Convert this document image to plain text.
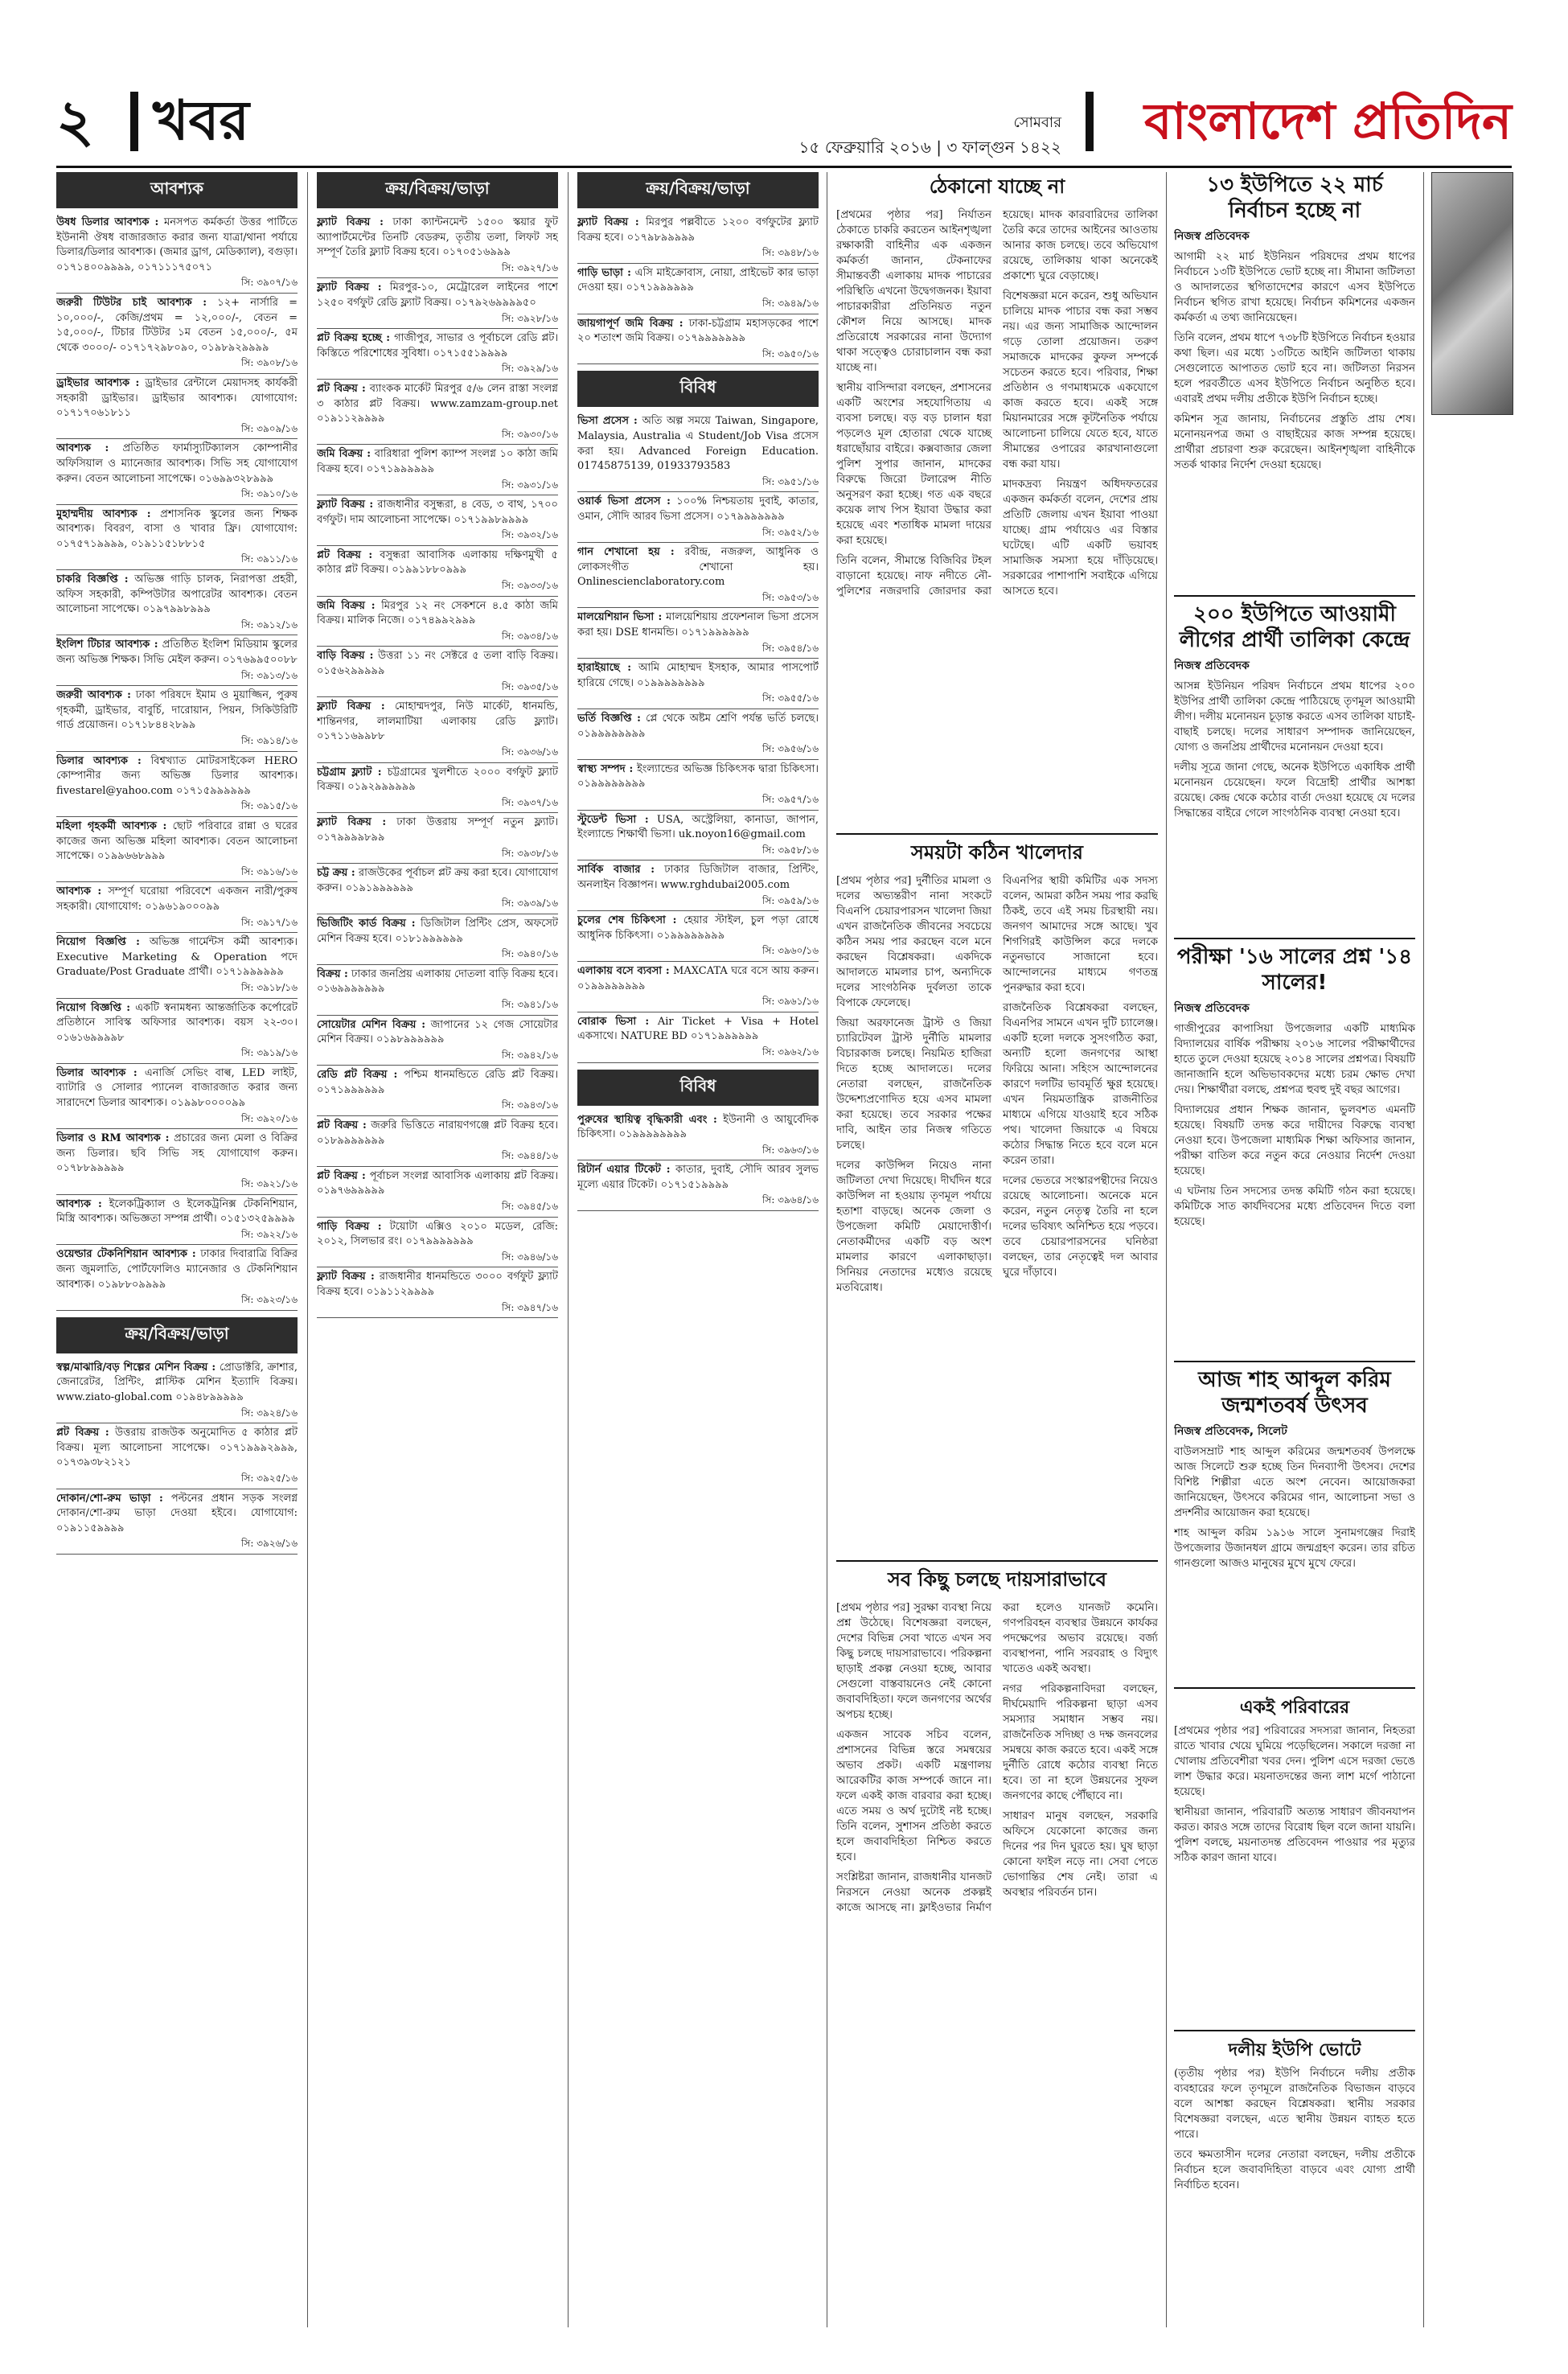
২ খবর	সোমবার
১৫ ফেব্রুয়ারি ২০১৬ | ৩ ফাল্গুন ১৪২২ বাংলাদেশ প্রতিদিন
আবশ্যক

উষধ ডিলার আবশ্যক : মনসপত কর্মকর্তা উত্তর পার্টিতে ইউনানী ঔষধ বাজারজাত করার জন্য যাত্রা/থানা পর্যায়ে ডিলার/ডিলার আবশ্যক। (জমার ড্রাগ, মেডিক্যাল), বগুড়া। ০১৭১৪০০৯৯৯৯, ০১৭১১১৭৫০৭১
সি: ৩৯০৭/১৬

জরুরী টিউটর চাই আবশ্যক : ১২+ নার্সারি = ১০,০০০/-, কেজি/প্রথম = ১২,০০০/-, বেতন = ১৫,০০০/-, টিচার টিউটর ১ম বেতন ১৫,০০০/-, ৫ম থেকে ৩০০০/- ০১৭১৭২৯৮০৯০, ০১৯৮৯২৯৯৯৯
সি: ৩৯০৮/১৬

ড্রাইভার আবশ্যক : ড্রাইভার রেন্টালে মেয়াদসহ কার্যকরী সহকারী ড্রাইভার। ড্রাইভার আবশ্যক। যোগাযোগ: ০১৭১৭০৬১৮১১
সি: ৩৯০৯/১৬

আবশ্যক : প্রতিষ্ঠিত ফার্মাস্যুটিক্যালস কোম্পানীর অফিসিয়াল ও ম্যানেজার আবশ্যক। সিভি সহ যোগাযোগ করুন। বেতন আলোচনা সাপেক্ষে। ০১৬৯৯৩২৮৯৯৯
সি: ৩৯১০/১৬

মুহাম্মদীয় আবশ্যক : প্রশাসনিক স্কুলের জন্য শিক্ষক আবশ্যক। বিবরণ, বাসা ও খাবার ফ্রি। যোগাযোগ: ০১৭৫৭১৯৯৯৯, ০১৯১১৫১৮৮১৫
সি: ৩৯১১/১৬

চাকরি বিজ্ঞপ্তি : অভিজ্ঞ গাড়ি চালক, নিরাপত্তা প্রহরী, অফিস সহকারী, কম্পিউটার অপারেটর আবশ্যক। বেতন আলোচনা সাপেক্ষে। ০১৯৭৯৯৮৯৯৯
সি: ৩৯১২/১৬

ইংলিশ টিচার আবশ্যক : প্রতিষ্ঠিত ইংলিশ মিডিয়াম স্কুলের জন্য অভিজ্ঞ শিক্ষক। সিভি মেইল করুন। ০১৭৬৯৯৫০০৮৮
সি: ৩৯১৩/১৬

জরুরী আবশ্যক : ঢাকা পরিষদে ইমাম ও মুয়াজ্জিন, পুরুষ গৃহকর্মী, ড্রাইভার, বাবুর্চি, দারোয়ান, পিয়ন, সিকিউরিটি গার্ড প্রয়োজন। ০১৭১৮৪৪২৮৯৯
সি: ৩৯১৪/১৬

ডিলার আবশ্যক : বিশ্বখ্যাত মোটরসাইকেল HERO কোম্পানীর জন্য অভিজ্ঞ ডিলার আবশ্যক। fivestarel@yahoo.com ০১৭১৫৯৯৯৯৯৯
সি: ৩৯১৫/১৬

মহিলা গৃহকর্মী আবশ্যক : ছোট পরিবারে রান্না ও ঘরের কাজের জন্য অভিজ্ঞ মহিলা আবশ্যক। বেতন আলোচনা সাপেক্ষে। ০১৯৯৬৬৮৯৯৯
সি: ৩৯১৬/১৬

আবশ্যক : সম্পূর্ণ ঘরোয়া পরিবেশে একজন নারী/পুরুষ সহকারী। যোগাযোগ: ০১৯৬১৯০০০৯৯
সি: ৩৯১৭/১৬

নিয়োগ বিজ্ঞপ্তি : অভিজ্ঞ গার্মেন্টস কর্মী আবশ্যক। Executive Marketing & Operation পদে Graduate/Post Graduate প্রার্থী। ০১৭১৯৯৯৯৯৯
সি: ৩৯১৮/১৬

নিয়োগ বিজ্ঞপ্তি : একটি স্বনামধন্য আন্তর্জাতিক কর্পোরেট প্রতিষ্ঠানে সাবিস্ক অফিসার আবশ্যক। বয়স ২২-৩০। ০১৬১৬৯৯৯৯৮
সি: ৩৯১৯/১৬

ডিলার আবশ্যক : এনার্জি সেভিং বাল্ব, LED লাইট, ব্যাটারি ও সোলার প্যানেল বাজারজাত করার জন্য সারাদেশে ডিলার আবশ্যক। ০১৯৯৮০০০০৯৯
সি: ৩৯২০/১৬

ডিলার ও RM আবশ্যক : প্রচারের জন্য মেলা ও বিক্রির জন্য ডিলার। ছবি সিভি সহ যোগাযোগ করুন। ০১৭৮৮৯৯৯৯৯
সি: ৩৯২১/১৬

আবশ্যক : ইলেকট্রিক্যাল ও ইলেকট্রনিক্স টেকনিশিয়ান, মিস্ত্রি আবশ্যক। অভিজ্ঞতা সম্পন্ন প্রার্থী। ০১৫১৩২৫৯৯৯৯
সি: ৩৯২২/১৬

ওয়েল্ডার টেকনিশিয়ান আবশ্যক : ঢাকার দিবারাত্রি বিক্রির জন্য জুমলাতি, পোর্টফোলিও ম্যানেজার ও টেকনিশিয়ান আবশ্যক। ০১৯৮৮০৯৯৯৯
সি: ৩৯২৩/১৬

ক্রয়/বিক্রয়/ভাড়া

স্বল্প/মাঝারি/বড় শিল্পের মেশিন বিক্রয় : প্রোডাক্টরি, ক্রাশার, জেনারেটর, প্রিন্টিং, প্লাস্টিক মেশিন ইত্যাদি বিক্রয়। www.ziato-global.com ০১৯৪৮৯৯৯৯৯
সি: ৩৯২৪/১৬

প্লট বিক্রয় : উত্তরায় রাজউক অনুমোদিত ৫ কাঠার প্লট বিক্রয়। মূল্য আলোচনা সাপেক্ষে। ০১৭১৯৯৯২৯৯৯, ০১৭৩৯৩৮২১২১
সি: ৩৯২৫/১৬

দোকান/শো-রুম ভাড়া : পল্টনের প্রধান সড়ক সংলগ্ন দোকান/শো-রুম ভাড়া দেওয়া হইবে। যোগাযোগ: ০১৯১১৫৯৯৯৯
সি: ৩৯২৬/১৬

ক্রয়/বিক্রয়/ভাড়া

ফ্ল্যাট বিক্রয় : ঢাকা ক্যান্টনমেন্ট ১৫০০ স্কয়ার ফুট অ্যাপার্টমেন্টের তিনটি বেডরুম, তৃতীয় তলা, লিফট সহ সম্পূর্ণ তৈরি ফ্ল্যাট বিক্রয় হবে। ০১৭০৫১৬৯৯৯
সি: ৩৯২৭/১৬

ফ্ল্যাট বিক্রয় : মিরপুর-১০, মেট্রোরেল লাইনের পাশে ১২৫০ বর্গফুট রেডি ফ্ল্যাট বিক্রয়। ০১৭৯২৬৯৯৯৯৫০
সি: ৩৯২৮/১৬

প্লট বিক্রয় হচ্ছে : গাজীপুর, সাভার ও পূর্বাচলে রেডি প্লট। কিস্তিতে পরিশোধের সুবিধা। ০১৭১৫৫১৯৯৯৯
সি: ৩৯২৯/১৬

প্লট বিক্রয় : ব্যাংকক মার্কেট মিরপুর ৫/৬ লেন রাস্তা সংলগ্ন ৩ কাঠার প্লট বিক্রয়। www.zamzam-group.net ০১৯১১২৯৯৯৯
সি: ৩৯৩০/১৬

জমি বিক্রয় : বারিধারা পুলিশ ক্যাম্প সংলগ্ন ১০ কাঠা জমি বিক্রয় হবে। ০১৭১৯৯৯৯৯৯
সি: ৩৯৩১/১৬

ফ্ল্যাট বিক্রয় : রাজধানীর বসুন্ধরা, ৪ বেড, ৩ বাথ, ১৭০০ বর্গফুট। দাম আলোচনা সাপেক্ষে। ০১৭১৯৯৮৯৯৯৯
সি: ৩৯৩২/১৬

প্লট বিক্রয় : বসুন্ধরা আবাসিক এলাকায় দক্ষিণমুখী ৫ কাঠার প্লট বিক্রয়। ০১৯৯১৮৮০৯৯৯
সি: ৩৯৩৩/১৬

জমি বিক্রয় : মিরপুর ১২ নং সেকশনে ৪.৫ কাঠা জমি বিক্রয়। মালিক নিজে। ০১৭৪৯৯২৯৯৯
সি: ৩৯৩৪/১৬

বাড়ি বিক্রয় : উত্তরা ১১ নং সেক্টরে ৫ তলা বাড়ি বিক্রয়। ০১৫৬২৯৯৯৯৯
সি: ৩৯৩৫/১৬

ফ্ল্যাট বিক্রয় : মোহাম্মদপুর, নিউ মার্কেট, ধানমন্ডি, শান্তিনগর, লালমাটিয়া এলাকায় রেডি ফ্ল্যাট। ০১৭১১৬৯৯৮৮
সি: ৩৯৩৬/১৬

চট্টগ্রাম ফ্ল্যাট : চট্টগ্রামের খুলশীতে ২০০০ বর্গফুট ফ্ল্যাট বিক্রয়। ০১৯২৯৯৯৯৯৯
সি: ৩৯৩৭/১৬

ফ্ল্যাট বিক্রয় : ঢাকা উত্তরায় সম্পূর্ণ নতুন ফ্ল্যাট। ০১৭৯৯৯৯৮৯৯
সি: ৩৯৩৮/১৬

চট্ট ক্রয় : রাজউকের পূর্বাচল প্লট ক্রয় করা হবে। যোগাযোগ করুন। ০১৯১৯৯৯৯৯৯
সি: ৩৯৩৯/১৬

ভিজিটিং কার্ড বিক্রয় : ডিজিটাল প্রিন্টিং প্রেস, অফসেট মেশিন বিক্রয় হবে। ০১৮১৯৯৯৯৯৯
সি: ৩৯৪০/১৬

বিক্রয় : ঢাকার জনপ্রিয় এলাকায় দোতলা বাড়ি বিক্রয় হবে। ০১৬৯৯৯৯৯৯৯
সি: ৩৯৪১/১৬

সোয়েটার মেশিন বিক্রয় : জাপানের ১২ গেজ সোয়েটার মেশিন বিক্রয়। ০১৯৮৯৯৯৯৯৯
সি: ৩৯৪২/১৬

রেডি প্লট বিক্রয় : পশ্চিম ধানমন্ডিতে রেডি প্লট বিক্রয়। ০১৭১৯৯৯৯৯৯
সি: ৩৯৪৩/১৬

প্লট বিক্রয় : জরুরি ভিত্তিতে নারায়ণগঞ্জে প্লট বিক্রয় হবে। ০১৮৯৯৯৯৯৯৯
সি: ৩৯৪৪/১৬

প্লট বিক্রয় : পূর্বাচল সংলগ্ন আবাসিক এলাকায় প্লট বিক্রয়। ০১৯৭৬৯৯৯৯৯
সি: ৩৯৪৫/১৬

গাড়ি বিক্রয় : টয়োটা এক্সিও ২০১০ মডেল, রেজি: ২০১২, সিলভার রং। ০১৭৯৯৯৯৯৯৯
সি: ৩৯৪৬/১৬

ফ্ল্যাট বিক্রয় : রাজধানীর ধানমন্ডিতে ৩০০০ বর্গফুট ফ্ল্যাট বিক্রয় হবে। ০১৯১১২৯৯৯৯
সি: ৩৯৪৭/১৬

ক্রয়/বিক্রয়/ভাড়া

ফ্ল্যাট বিক্রয় : মিরপুর পল্লবীতে ১২০০ বর্গফুটের ফ্ল্যাট বিক্রয় হবে। ০১৭৯৮৯৯৯৯৯
সি: ৩৯৪৮/১৬

গাড়ি ভাড়া : এসি মাইক্রোবাস, নোয়া, প্রাইভেট কার ভাড়া দেওয়া হয়। ০১৭১৯৯৯৯৯৯
সি: ৩৯৪৯/১৬

জায়গাপূর্ণ জমি বিক্রয় : ঢাকা-চট্টগ্রাম মহাসড়কের পাশে ২০ শতাংশ জমি বিক্রয়। ০১৭৯৯৯৯৯৯৯
সি: ৩৯৫০/১৬

বিবিধ

ভিসা প্রসেস : অতি অল্প সময়ে Taiwan, Singapore, Malaysia, Australia এ Student/Job Visa প্রসেস করা হয়। Advanced Foreign Education. 01745875139, 01933793583
সি: ৩৯৫১/১৬

ওয়ার্ক ভিসা প্রসেস : ১০০% নিশ্চয়তায় দুবাই, কাতার, ওমান, সৌদি আরব ভিসা প্রসেস। ০১৭৯৯৯৯৯৯৯
সি: ৩৯৫২/১৬

গান শেখানো হয় : রবীন্দ্র, নজরুল, আধুনিক ও লোকসংগীত শেখানো হয়। Onlinescienclaboratory.com
সি: ৩৯৫৩/১৬

মালয়েশিয়ান ভিসা : মালয়েশিয়ায় প্রফেশনাল ভিসা প্রসেস করা হয়। DSE ধানমন্ডি। ০১৭১৯৯৯৯৯৯
সি: ৩৯৫৪/১৬

হারাইয়াছে : আমি মোহাম্মদ ইসহাক, আমার পাসপোর্ট হারিয়ে গেছে। ০১৯৯৯৯৯৯৯৯
সি: ৩৯৫৫/১৬

ভর্তি বিজ্ঞপ্তি : প্লে থেকে অষ্টম শ্রেণি পর্যন্ত ভর্তি চলছে। ০১৯৯৯৯৯৯৯৯
সি: ৩৯৫৬/১৬

স্বাস্থ্য সম্পদ : ইংল্যান্ডের অভিজ্ঞ চিকিৎসক দ্বারা চিকিৎসা। ০১৯৯৯৯৯৯৯৯
সি: ৩৯৫৭/১৬

স্টুডেন্ট ভিসা : USA, অস্ট্রেলিয়া, কানাডা, জাপান, ইংল্যান্ডে শিক্ষার্থী ভিসা। uk.noyon16@gmail.com
সি: ৩৯৫৮/১৬

সার্বিক বাজার : ঢাকার ডিজিটাল বাজার, প্রিন্টিং, অনলাইন বিজ্ঞাপন। www.rghdubai2005.com
সি: ৩৯৫৯/১৬

চুলের শেষ চিকিৎসা : হেয়ার স্টাইল, চুল পড়া রোধে আধুনিক চিকিৎসা। ০১৯৯৯৯৯৯৯৯
সি: ৩৯৬০/১৬

এলাকায় বসে ব্যবসা : MAXCATA ঘরে বসে আয় করুন। ০১৯৯৯৯৯৯৯৯
সি: ৩৯৬১/১৬

বোরাক ভিসা : Air Ticket + Visa + Hotel একসাথে। NATURE BD ০১৭১৯৯৯৯৯৯
সি: ৩৯৬২/১৬

বিবিধ

পুরুষের স্থায়িত্ব বৃদ্ধিকারী এবং : ইউনানী ও আয়ুর্বেদিক চিকিৎসা। ০১৯৯৯৯৯৯৯৯
সি: ৩৯৬৩/১৬

রিটার্ন এয়ার টিকেট : কাতার, দুবাই, সৌদি আরব সুলভ মূল্যে এয়ার টিকেট। ০১৭১৫১৯৯৯৯
সি: ৩৯৬৪/১৬

ঠেকানো যাচ্ছে না

[প্রথমের পৃষ্ঠার পর] নির্যাতন ঠেকাতে চাকরি করতেন আইনশৃঙ্খলা রক্ষাকারী বাহিনীর এক একজন কর্মকর্তা জানান, টেকনাফের সীমান্তবর্তী এলাকায় মাদক পাচারের পরিস্থিতি এখনো উদ্বেগজনক। ইয়াবা পাচারকারীরা প্রতিনিয়ত নতুন কৌশল নিয়ে আসছে। মাদক প্রতিরোধে সরকারের নানা উদ্যোগ থাকা সত্ত্বেও চোরাচালান বন্ধ করা যাচ্ছে না।

স্থানীয় বাসিন্দারা বলছেন, প্রশাসনের একটি অংশের সহযোগিতায় এ ব্যবসা চলছে। বড় বড় চালান ধরা পড়লেও মূল হোতারা থেকে যাচ্ছে ধরাছোঁয়ার বাইরে। কক্সবাজার জেলা পুলিশ সুপার জানান, মাদকের বিরুদ্ধে জিরো টলারেন্স নীতি অনুসরণ করা হচ্ছে। গত এক বছরে কয়েক লাখ পিস ইয়াবা উদ্ধার করা হয়েছে এবং শতাধিক মামলা দায়ের করা হয়েছে।

তিনি বলেন, সীমান্তে বিজিবির টহল বাড়ানো হয়েছে। নাফ নদীতে নৌ-পুলিশের নজরদারি জোরদার করা হয়েছে। মাদক কারবারিদের তালিকা তৈরি করে তাদের আইনের আওতায় আনার কাজ চলছে। তবে অভিযোগ রয়েছে, তালিকায় থাকা অনেকেই প্রকাশ্যে ঘুরে বেড়াচ্ছে।

বিশেষজ্ঞরা মনে করেন, শুধু অভিযান চালিয়ে মাদক পাচার বন্ধ করা সম্ভব নয়। এর জন্য সামাজিক আন্দোলন গড়ে তোলা প্রয়োজন। তরুণ সমাজকে মাদকের কুফল সম্পর্কে সচেতন করতে হবে। পরিবার, শিক্ষা প্রতিষ্ঠান ও গণমাধ্যমকে একযোগে কাজ করতে হবে। একই সঙ্গে মিয়ানমারের সঙ্গে কূটনৈতিক পর্যায়ে আলোচনা চালিয়ে যেতে হবে, যাতে সীমান্তের ওপারের কারখানাগুলো বন্ধ করা যায়।

মাদকদ্রব্য নিয়ন্ত্রণ অধিদফতরের একজন কর্মকর্তা বলেন, দেশের প্রায় প্রতিটি জেলায় এখন ইয়াবা পাওয়া যাচ্ছে। গ্রাম পর্যায়েও এর বিস্তার ঘটেছে। এটি একটি ভয়াবহ সামাজিক সমস্যা হয়ে দাঁড়িয়েছে। সরকারের পাশাপাশি সবাইকে এগিয়ে আসতে হবে।

সময়টা কঠিন খালেদার

[প্রথম পৃষ্ঠার পর] দুর্নীতির মামলা ও দলের অভ্যন্তরীণ নানা সংকটে বিএনপি চেয়ারপারসন খালেদা জিয়া এখন রাজনৈতিক জীবনের সবচেয়ে কঠিন সময় পার করছেন বলে মনে করছেন বিশ্লেষকরা। একদিকে আদালতে মামলার চাপ, অন্যদিকে দলের সাংগঠনিক দুর্বলতা তাকে বিপাকে ফেলেছে।

জিয়া অরফানেজ ট্রাস্ট ও জিয়া চ্যারিটেবল ট্রাস্ট দুর্নীতি মামলার বিচারকাজ চলছে। নিয়মিত হাজিরা দিতে হচ্ছে আদালতে। দলের নেতারা বলছেন, রাজনৈতিক উদ্দেশ্যপ্রণোদিত হয়ে এসব মামলা করা হয়েছে। তবে সরকার পক্ষের দাবি, আইন তার নিজস্ব গতিতে চলছে।

দলের কাউন্সিল নিয়েও নানা জটিলতা দেখা দিয়েছে। দীর্ঘদিন ধরে কাউন্সিল না হওয়ায় তৃণমূল পর্যায়ে হতাশা বাড়ছে। অনেক জেলা ও উপজেলা কমিটি মেয়াদোত্তীর্ণ। নেতাকর্মীদের একটি বড় অংশ মামলার কারণে এলাকাছাড়া। সিনিয়র নেতাদের মধ্যেও রয়েছে মতবিরোধ।

বিএনপির স্থায়ী কমিটির এক সদস্য বলেন, আমরা কঠিন সময় পার করছি ঠিকই, তবে এই সময় চিরস্থায়ী নয়। জনগণ আমাদের সঙ্গে আছে। খুব শিগগিরই কাউন্সিল করে দলকে নতুনভাবে সাজানো হবে। আন্দোলনের মাধ্যমে গণতন্ত্র পুনরুদ্ধার করা হবে।

রাজনৈতিক বিশ্লেষকরা বলছেন, বিএনপির সামনে এখন দুটি চ্যালেঞ্জ। একটি হলো দলকে সুসংগঠিত করা, অন্যটি হলো জনগণের আস্থা ফিরিয়ে আনা। সহিংস আন্দোলনের কারণে দলটির ভাবমূর্তি ক্ষুণ্ণ হয়েছে। এখন নিয়মতান্ত্রিক রাজনীতির মাধ্যমে এগিয়ে যাওয়াই হবে সঠিক পথ। খালেদা জিয়াকে এ বিষয়ে কঠোর সিদ্ধান্ত নিতে হবে বলে মনে করেন তারা।

দলের ভেতরে সংস্কারপন্থীদের নিয়েও রয়েছে আলোচনা। অনেকে মনে করেন, নতুন নেতৃত্ব তৈরি না হলে দলের ভবিষ্যৎ অনিশ্চিত হয়ে পড়বে। তবে চেয়ারপারসনের ঘনিষ্ঠরা বলছেন, তার নেতৃত্বেই দল আবার ঘুরে দাঁড়াবে।

সব কিছু চলছে দায়সারাভাবে

[প্রথম পৃষ্ঠার পর] সুরক্ষা ব্যবস্থা নিয়ে প্রশ্ন উঠেছে। বিশেষজ্ঞরা বলছেন, দেশের বিভিন্ন সেবা খাতে এখন সব কিছু চলছে দায়সারাভাবে। পরিকল্পনা ছাড়াই প্রকল্প নেওয়া হচ্ছে, আবার সেগুলো বাস্তবায়নেও নেই কোনো জবাবদিহিতা। ফলে জনগণের অর্থের অপচয় হচ্ছে।

একজন সাবেক সচিব বলেন, প্রশাসনের বিভিন্ন স্তরে সমন্বয়ের অভাব প্রকট। একটি মন্ত্রণালয় আরেকটির কাজ সম্পর্কে জানে না। ফলে একই কাজ বারবার করা হচ্ছে। এতে সময় ও অর্থ দুটোই নষ্ট হচ্ছে। তিনি বলেন, সুশাসন প্রতিষ্ঠা করতে হলে জবাবদিহিতা নিশ্চিত করতে হবে।

সংশ্লিষ্টরা জানান, রাজধানীর যানজট নিরসনে নেওয়া অনেক প্রকল্পই কাজে আসছে না। ফ্লাইওভার নির্মাণ করা হলেও যানজট কমেনি। গণপরিবহন ব্যবস্থার উন্নয়নে কার্যকর পদক্ষেপের অভাব রয়েছে। বর্জ্য ব্যবস্থাপনা, পানি সরবরাহ ও বিদ্যুৎ খাতেও একই অবস্থা।

নগর পরিকল্পনাবিদরা বলছেন, দীর্ঘমেয়াদি পরিকল্পনা ছাড়া এসব সমস্যার সমাধান সম্ভব নয়। রাজনৈতিক সদিচ্ছা ও দক্ষ জনবলের সমন্বয়ে কাজ করতে হবে। একই সঙ্গে দুর্নীতি রোধে কঠোর ব্যবস্থা নিতে হবে। তা না হলে উন্নয়নের সুফল জনগণের কাছে পৌঁছাবে না।

সাধারণ মানুষ বলছেন, সরকারি অফিসে যেকোনো কাজের জন্য দিনের পর দিন ঘুরতে হয়। ঘুষ ছাড়া কোনো ফাইল নড়ে না। সেবা পেতে ভোগান্তির শেষ নেই। তারা এ অবস্থার পরিবর্তন চান।

১৩ ইউপিতে ২২ মার্চ নির্বাচন হচ্ছে না
নিজস্ব প্রতিবেদক

আগামী ২২ মার্চ ইউনিয়ন পরিষদের প্রথম ধাপের নির্বাচনে ১৩টি ইউপিতে ভোট হচ্ছে না। সীমানা জটিলতা ও আদালতের স্থগিতাদেশের কারণে এসব ইউপিতে নির্বাচন স্থগিত রাখা হয়েছে। নির্বাচন কমিশনের একজন কর্মকর্তা এ তথ্য জানিয়েছেন।

তিনি বলেন, প্রথম ধাপে ৭৩৮টি ইউপিতে নির্বাচন হওয়ার কথা ছিল। এর মধ্যে ১৩টিতে আইনি জটিলতা থাকায় সেগুলোতে আপাতত ভোট হবে না। জটিলতা নিরসন হলে পরবর্তীতে এসব ইউপিতে নির্বাচন অনুষ্ঠিত হবে। এবারই প্রথম দলীয় প্রতীকে ইউপি নির্বাচন হচ্ছে।

কমিশন সূত্র জানায়, নির্বাচনের প্রস্তুতি প্রায় শেষ। মনোনয়নপত্র জমা ও বাছাইয়ের কাজ সম্পন্ন হয়েছে। প্রার্থীরা প্রচারণা শুরু করেছেন। আইনশৃঙ্খলা বাহিনীকে সতর্ক থাকার নির্দেশ দেওয়া হয়েছে।

২০০ ইউপিতে আওয়ামী লীগের প্রার্থী তালিকা কেন্দ্রে
নিজস্ব প্রতিবেদক

আসন্ন ইউনিয়ন পরিষদ নির্বাচনে প্রথম ধাপের ২০০ ইউপির প্রার্থী তালিকা কেন্দ্রে পাঠিয়েছে তৃণমূল আওয়ামী লীগ। দলীয় মনোনয়ন চূড়ান্ত করতে এসব তালিকা যাচাই-বাছাই চলছে। দলের সাধারণ সম্পাদক জানিয়েছেন, যোগ্য ও জনপ্রিয় প্রার্থীদের মনোনয়ন দেওয়া হবে।

দলীয় সূত্রে জানা গেছে, অনেক ইউপিতে একাধিক প্রার্থী মনোনয়ন চেয়েছেন। ফলে বিদ্রোহী প্রার্থীর আশঙ্কা রয়েছে। কেন্দ্র থেকে কঠোর বার্তা দেওয়া হয়েছে যে দলের সিদ্ধান্তের বাইরে গেলে সাংগঠনিক ব্যবস্থা নেওয়া হবে।

পরীক্ষা '১৬ সালের প্রশ্ন '১৪ সালের!
নিজস্ব প্রতিবেদক

গাজীপুরের কাপাসিয়া উপজেলার একটি মাধ্যমিক বিদ্যালয়ের বার্ষিক পরীক্ষায় ২০১৬ সালের পরীক্ষার্থীদের হাতে তুলে দেওয়া হয়েছে ২০১৪ সালের প্রশ্নপত্র। বিষয়টি জানাজানি হলে অভিভাবকদের মধ্যে চরম ক্ষোভ দেখা দেয়। শিক্ষার্থীরা বলছে, প্রশ্নপত্র হুবহু দুই বছর আগের।

বিদ্যালয়ের প্রধান শিক্ষক জানান, ভুলবশত এমনটি হয়েছে। বিষয়টি তদন্ত করে দায়ীদের বিরুদ্ধে ব্যবস্থা নেওয়া হবে। উপজেলা মাধ্যমিক শিক্ষা অফিসার জানান, পরীক্ষা বাতিল করে নতুন করে নেওয়ার নির্দেশ দেওয়া হয়েছে।

এ ঘটনায় তিন সদস্যের তদন্ত কমিটি গঠন করা হয়েছে। কমিটিকে সাত কার্যদিবসের মধ্যে প্রতিবেদন দিতে বলা হয়েছে।

আজ শাহ আব্দুল করিম জন্মশতবর্ষ উৎসব
নিজস্ব প্রতিবেদক, সিলেট

বাউলসম্রাট শাহ আব্দুল করিমের জন্মশতবর্ষ উপলক্ষে আজ সিলেটে শুরু হচ্ছে তিন দিনব্যাপী উৎসব। দেশের বিশিষ্ট শিল্পীরা এতে অংশ নেবেন। আয়োজকরা জানিয়েছেন, উৎসবে করিমের গান, আলোচনা সভা ও প্রদর্শনীর আয়োজন করা হয়েছে।

শাহ আব্দুল করিম ১৯১৬ সালে সুনামগঞ্জের দিরাই উপজেলার উজানধল গ্রামে জন্মগ্রহণ করেন। তার রচিত গানগুলো আজও মানুষের মুখে মুখে ফেরে।

একই পরিবারের

[প্রথমের পৃষ্ঠার পর] পরিবারের সদস্যরা জানান, নিহতরা রাতে খাবার খেয়ে ঘুমিয়ে পড়েছিলেন। সকালে দরজা না খোলায় প্রতিবেশীরা খবর দেন। পুলিশ এসে দরজা ভেঙে লাশ উদ্ধার করে। ময়নাতদন্তের জন্য লাশ মর্গে পাঠানো হয়েছে।

স্থানীয়রা জানান, পরিবারটি অত্যন্ত সাধারণ জীবনযাপন করত। কারও সঙ্গে তাদের বিরোধ ছিল বলে জানা যায়নি। পুলিশ বলছে, ময়নাতদন্ত প্রতিবেদন পাওয়ার পর মৃত্যুর সঠিক কারণ জানা যাবে।

দলীয় ইউপি ভোটে

(তৃতীয় পৃষ্ঠার পর) ইউপি নির্বাচনে দলীয় প্রতীক ব্যবহারের ফলে তৃণমূলে রাজনৈতিক বিভাজন বাড়বে বলে আশঙ্কা করছেন বিশ্লেষকরা। স্থানীয় সরকার বিশেষজ্ঞরা বলছেন, এতে স্থানীয় উন্নয়ন ব্যাহত হতে পারে।

তবে ক্ষমতাসীন দলের নেতারা বলছেন, দলীয় প্রতীকে নির্বাচন হলে জবাবদিহিতা বাড়বে এবং যোগ্য প্রার্থী নির্বাচিত হবেন।
